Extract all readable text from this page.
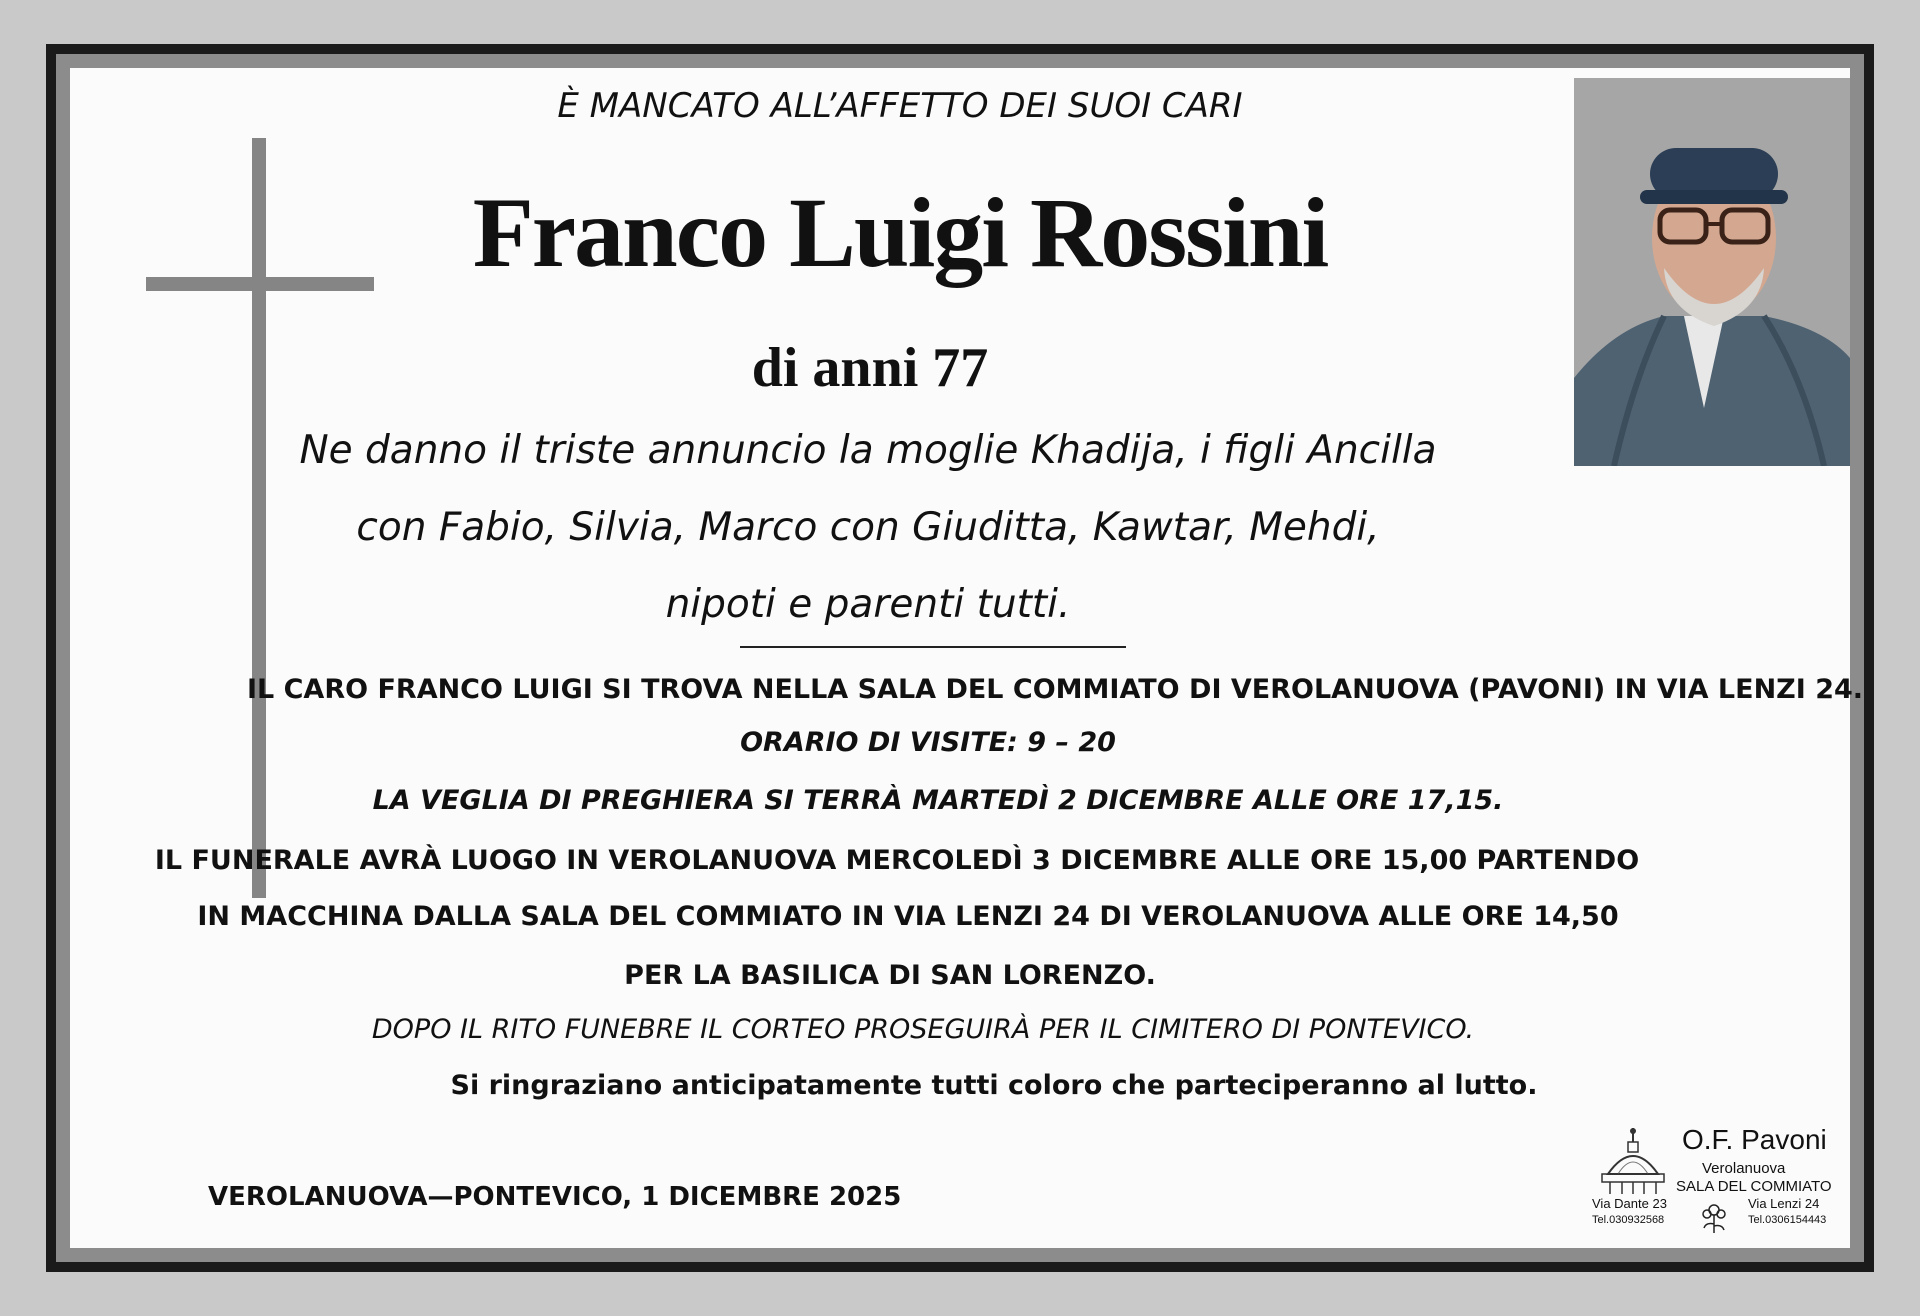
È MANCATO ALL’AFFETTO DEI SUOI CARI
Franco Luigi Rossini
di anni 77
Ne danno il triste annuncio la moglie Khadija, i figli Ancilla
con Fabio, Silvia, Marco con Giuditta, Kawtar, Mehdi,
nipoti e parenti tutti.
IL CARO FRANCO LUIGI SI TROVA NELLA SALA DEL COMMIATO DI VEROLANUOVA (PAVONI) IN VIA LENZI 24.
ORARIO DI VISITE: 9 – 20
LA VEGLIA DI PREGHIERA SI TERRÀ MARTEDÌ 2 DICEMBRE ALLE ORE 17,15.
IL FUNERALE AVRÀ LUOGO IN VEROLANUOVA MERCOLEDÌ 3 DICEMBRE ALLE ORE 15,00 PARTENDO
IN MACCHINA DALLA SALA DEL COMMIATO IN VIA LENZI 24 DI VEROLANUOVA ALLE ORE 14,50
PER LA BASILICA DI SAN LORENZO.
DOPO IL RITO FUNEBRE IL CORTEO PROSEGUIRÀ PER IL CIMITERO DI PONTEVICO.
Si ringraziano anticipatamente tutti coloro che parteciperanno al lutto.
VEROLANUOVA—PONTEVICO, 1 DICEMBRE 2025
O.F. Pavoni
Verolanuova
SALA DEL COMMIATO
Via Dante 23
Tel.030932568
Via Lenzi 24
Tel.0306154443
